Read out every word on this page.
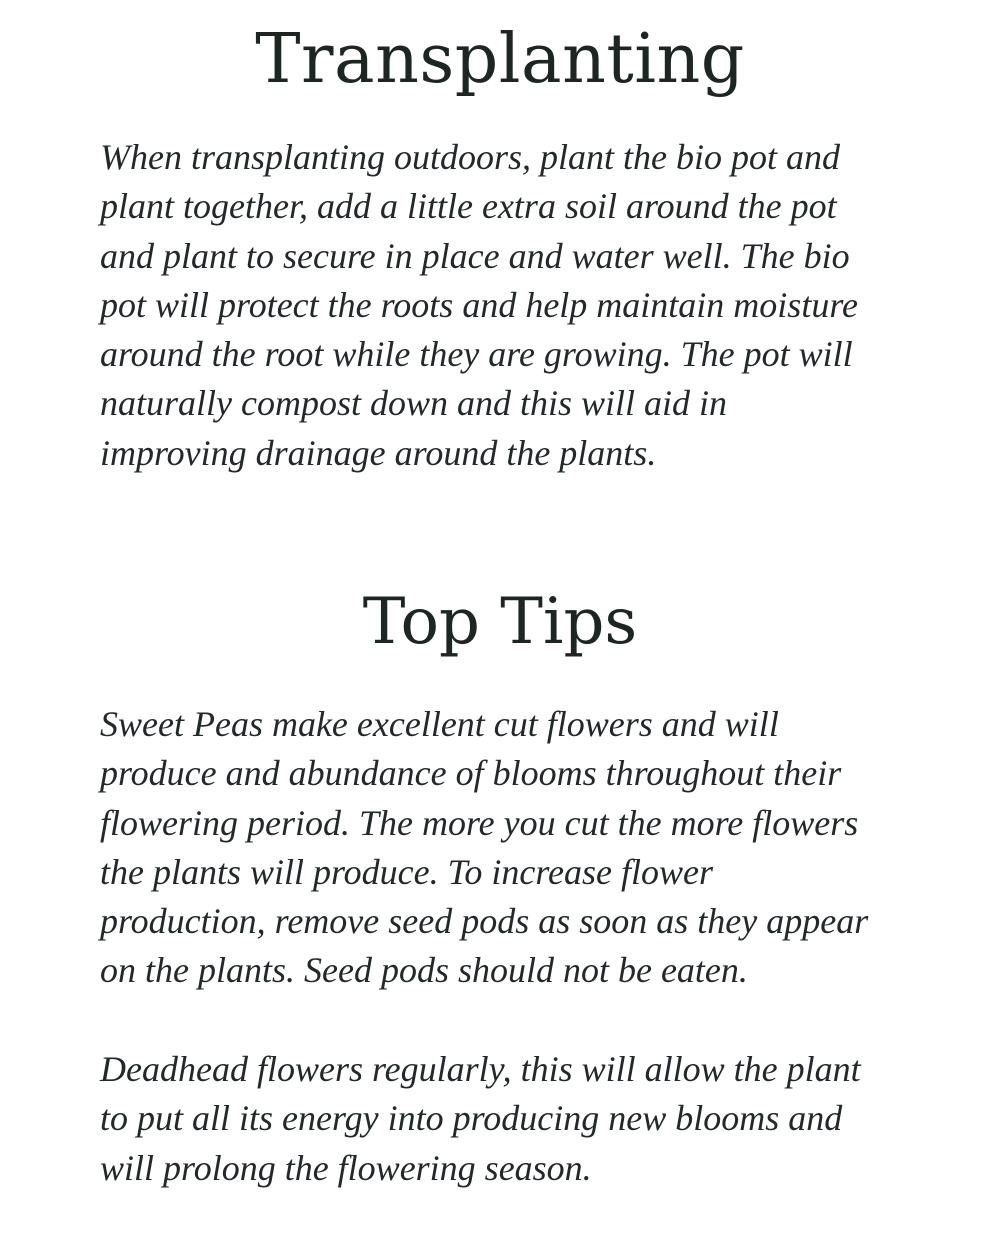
Transplanting

When transplanting outdoors, plant the bio pot and
plant together, add a little extra soil around the pot
and plant to secure in place and water well. The bio
pot will protect the roots and help maintain moisture
around the root while they are growing. The pot will
naturally compost down and this will aid in
improving drainage around the plants.

Top Tips

Sweet Peas make excellent cut flowers and will
produce and abundance of blooms throughout their
flowering period. The more you cut the more flowers
the plants will produce. To increase flower
production, remove seed pods as soon as they appear
on the plants. Seed pods should not be eaten.

Deadhead flowers regularly, this will allow the plant
to put all its energy into producing new blooms and
will prolong the flowering season.
